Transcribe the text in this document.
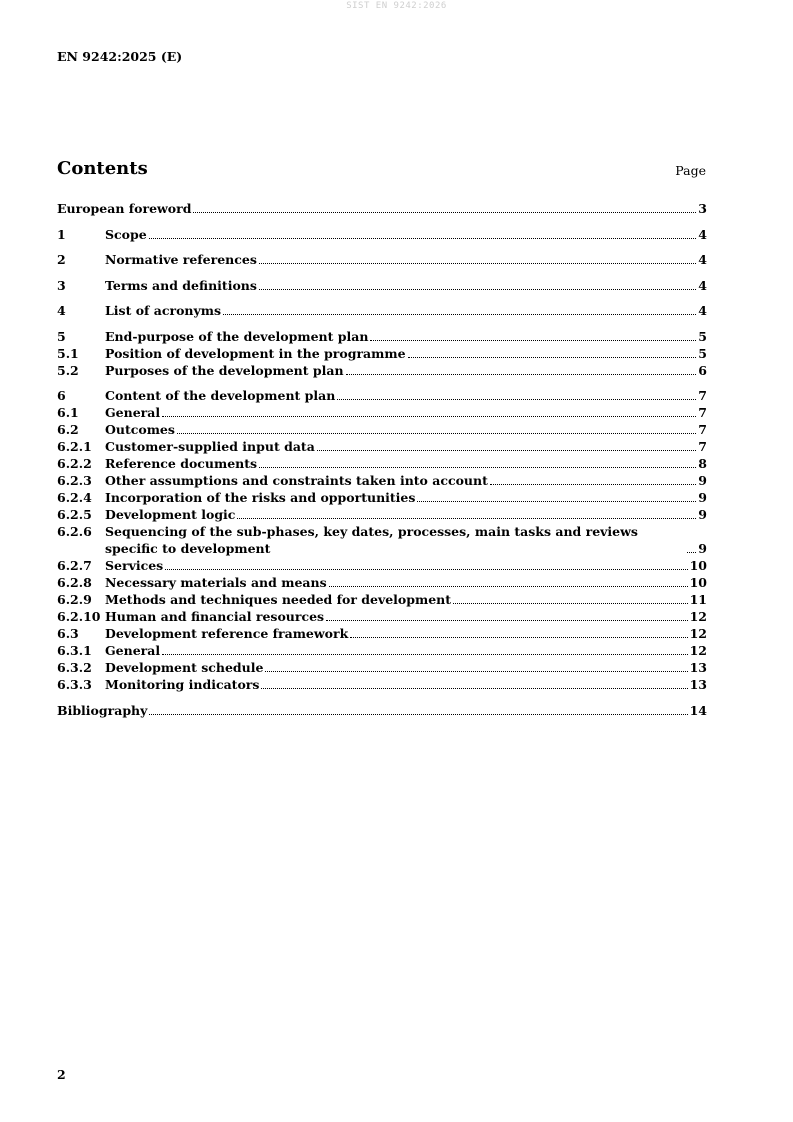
SIST EN 9242:2026
EN 9242:2025 (E)
Contents	Page
European foreword	3
1	Scope	4
2	Normative references	4
3	Terms and definitions	4
4	List of acronyms	4
5	End-purpose of the development plan	5
5.1	Position of development in the programme	5
5.2	Purposes of the development plan	6
6	Content of the development plan	7
6.1	General	7
6.2	Outcomes	7
6.2.1	Customer-supplied input data	7
6.2.2	Reference documents	8
6.2.3	Other assumptions and constraints taken into account	9
6.2.4	Incorporation of the risks and opportunities	9
6.2.5	Development logic	9
6.2.6	Sequencing of the sub-phases, key dates, processes, main tasks and reviews specific to development	9
6.2.7	Services	10
6.2.8	Necessary materials and means	10
6.2.9	Methods and techniques needed for development	11
6.2.10 Human and financial resources	12
6.3	Development reference framework	12
6.3.1	General	12
6.3.2	Development schedule	13
6.3.3	Monitoring indicators	13
Bibliography	14
2
